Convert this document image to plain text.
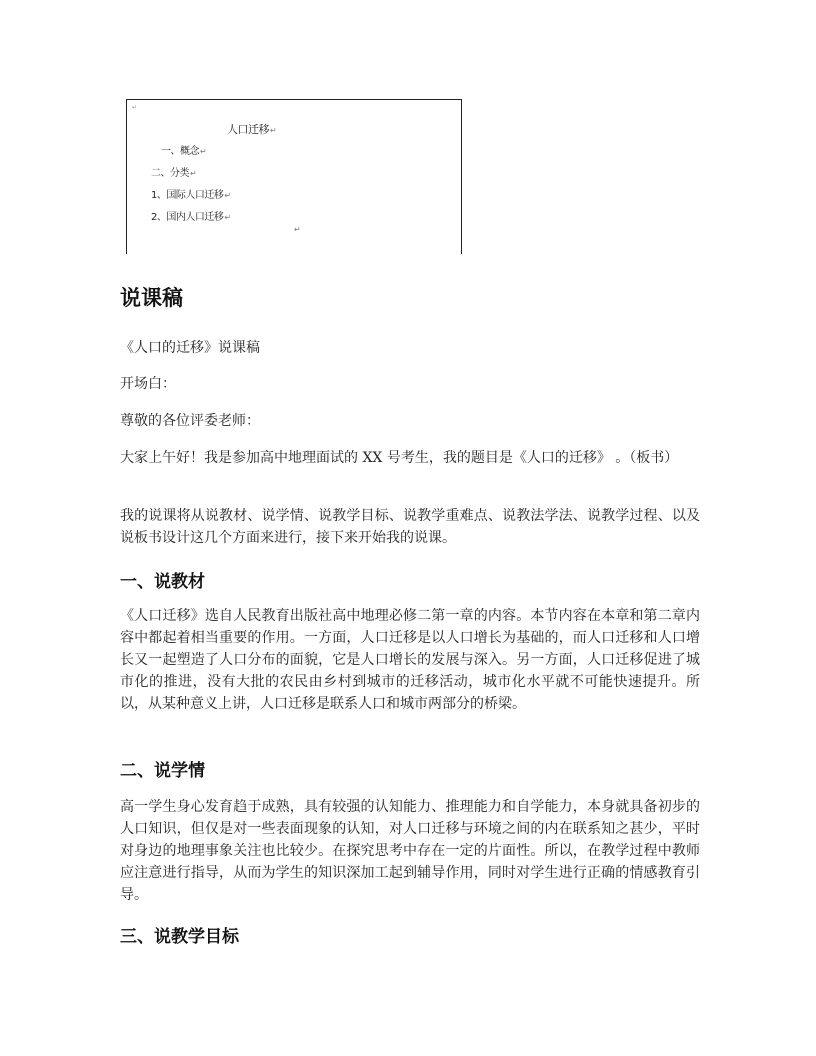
↵
人口迁移↵
一、概念↵
二、分类↵
1、国际人口迁移↵
2、国内人口迁移↵
↵
说课稿

《人口的迁移》说课稿

开场白：

尊敬的各位评委老师：

大家上午好！我是参加高中地理面试的 XX 号考生，我的题目是《人口的迁移》 。（板书）

我的说课将从说教材、说学情、说教学目标、说教学重难点、说教法学法、说教学过程、以及说板书设计这几个方面来进行，接下来开始我的说课。

一、说教材

《人口迁移》选自人民教育出版社高中地理必修二第一章的内容。本节内容在本章和第二章内容中都起着相当重要的作用。一方面，人口迁移是以人口增长为基础的，而人口迁移和人口增长又一起塑造了人口分布的面貌，它是人口增长的发展与深入。另一方面，人口迁移促进了城市化的推进，没有大批的农民由乡村到城市的迁移活动，城市化水平就不可能快速提升。所以，从某种意义上讲，人口迁移是联系人口和城市两部分的桥梁。

二、说学情

高一学生身心发育趋于成熟，具有较强的认知能力、推理能力和自学能力，本身就具备初步的人口知识，但仅是对一些表面现象的认知，对人口迁移与环境之间的内在联系知之甚少，平时对身边的地理事象关注也比较少。在探究思考中存在一定的片面性。所以，在教学过程中教师应注意进行指导，从而为学生的知识深加工起到辅导作用，同时对学生进行正确的情感教育引导。

三、说教学目标
